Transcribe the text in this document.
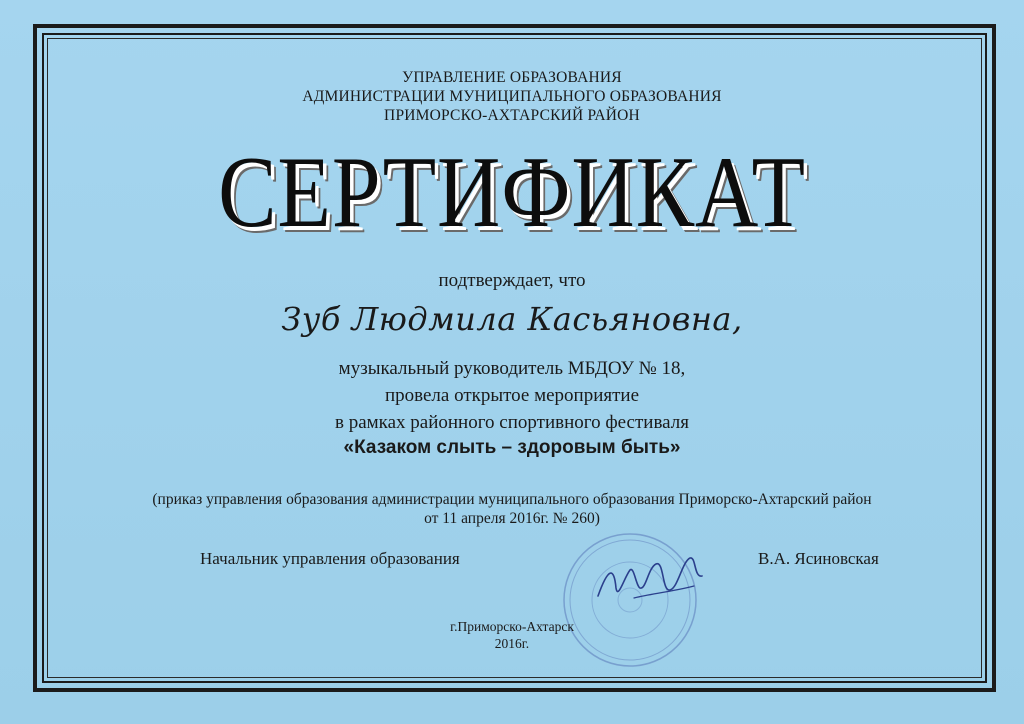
УПРАВЛЕНИЕ ОБРАЗОВАНИЯ
АДМИНИСТРАЦИИ МУНИЦИПАЛЬНОГО ОБРАЗОВАНИЯ
ПРИМОРСКО-АХТАРСКИЙ РАЙОН
СЕРТИФИКАТ
подтверждает, что
Зуб Людмила Касьяновна,
музыкальный руководитель МБДОУ № 18,
провела открытое мероприятие
в рамках районного спортивного фестиваля
«Казаком слыть – здоровым быть»
(приказ управления образования администрации муниципального образования Приморско-Ахтарский район
от 11 апреля 2016г. № 260)
Начальник управления образования	В.А. Ясиновская
г.Приморско-Ахтарск
2016г.
